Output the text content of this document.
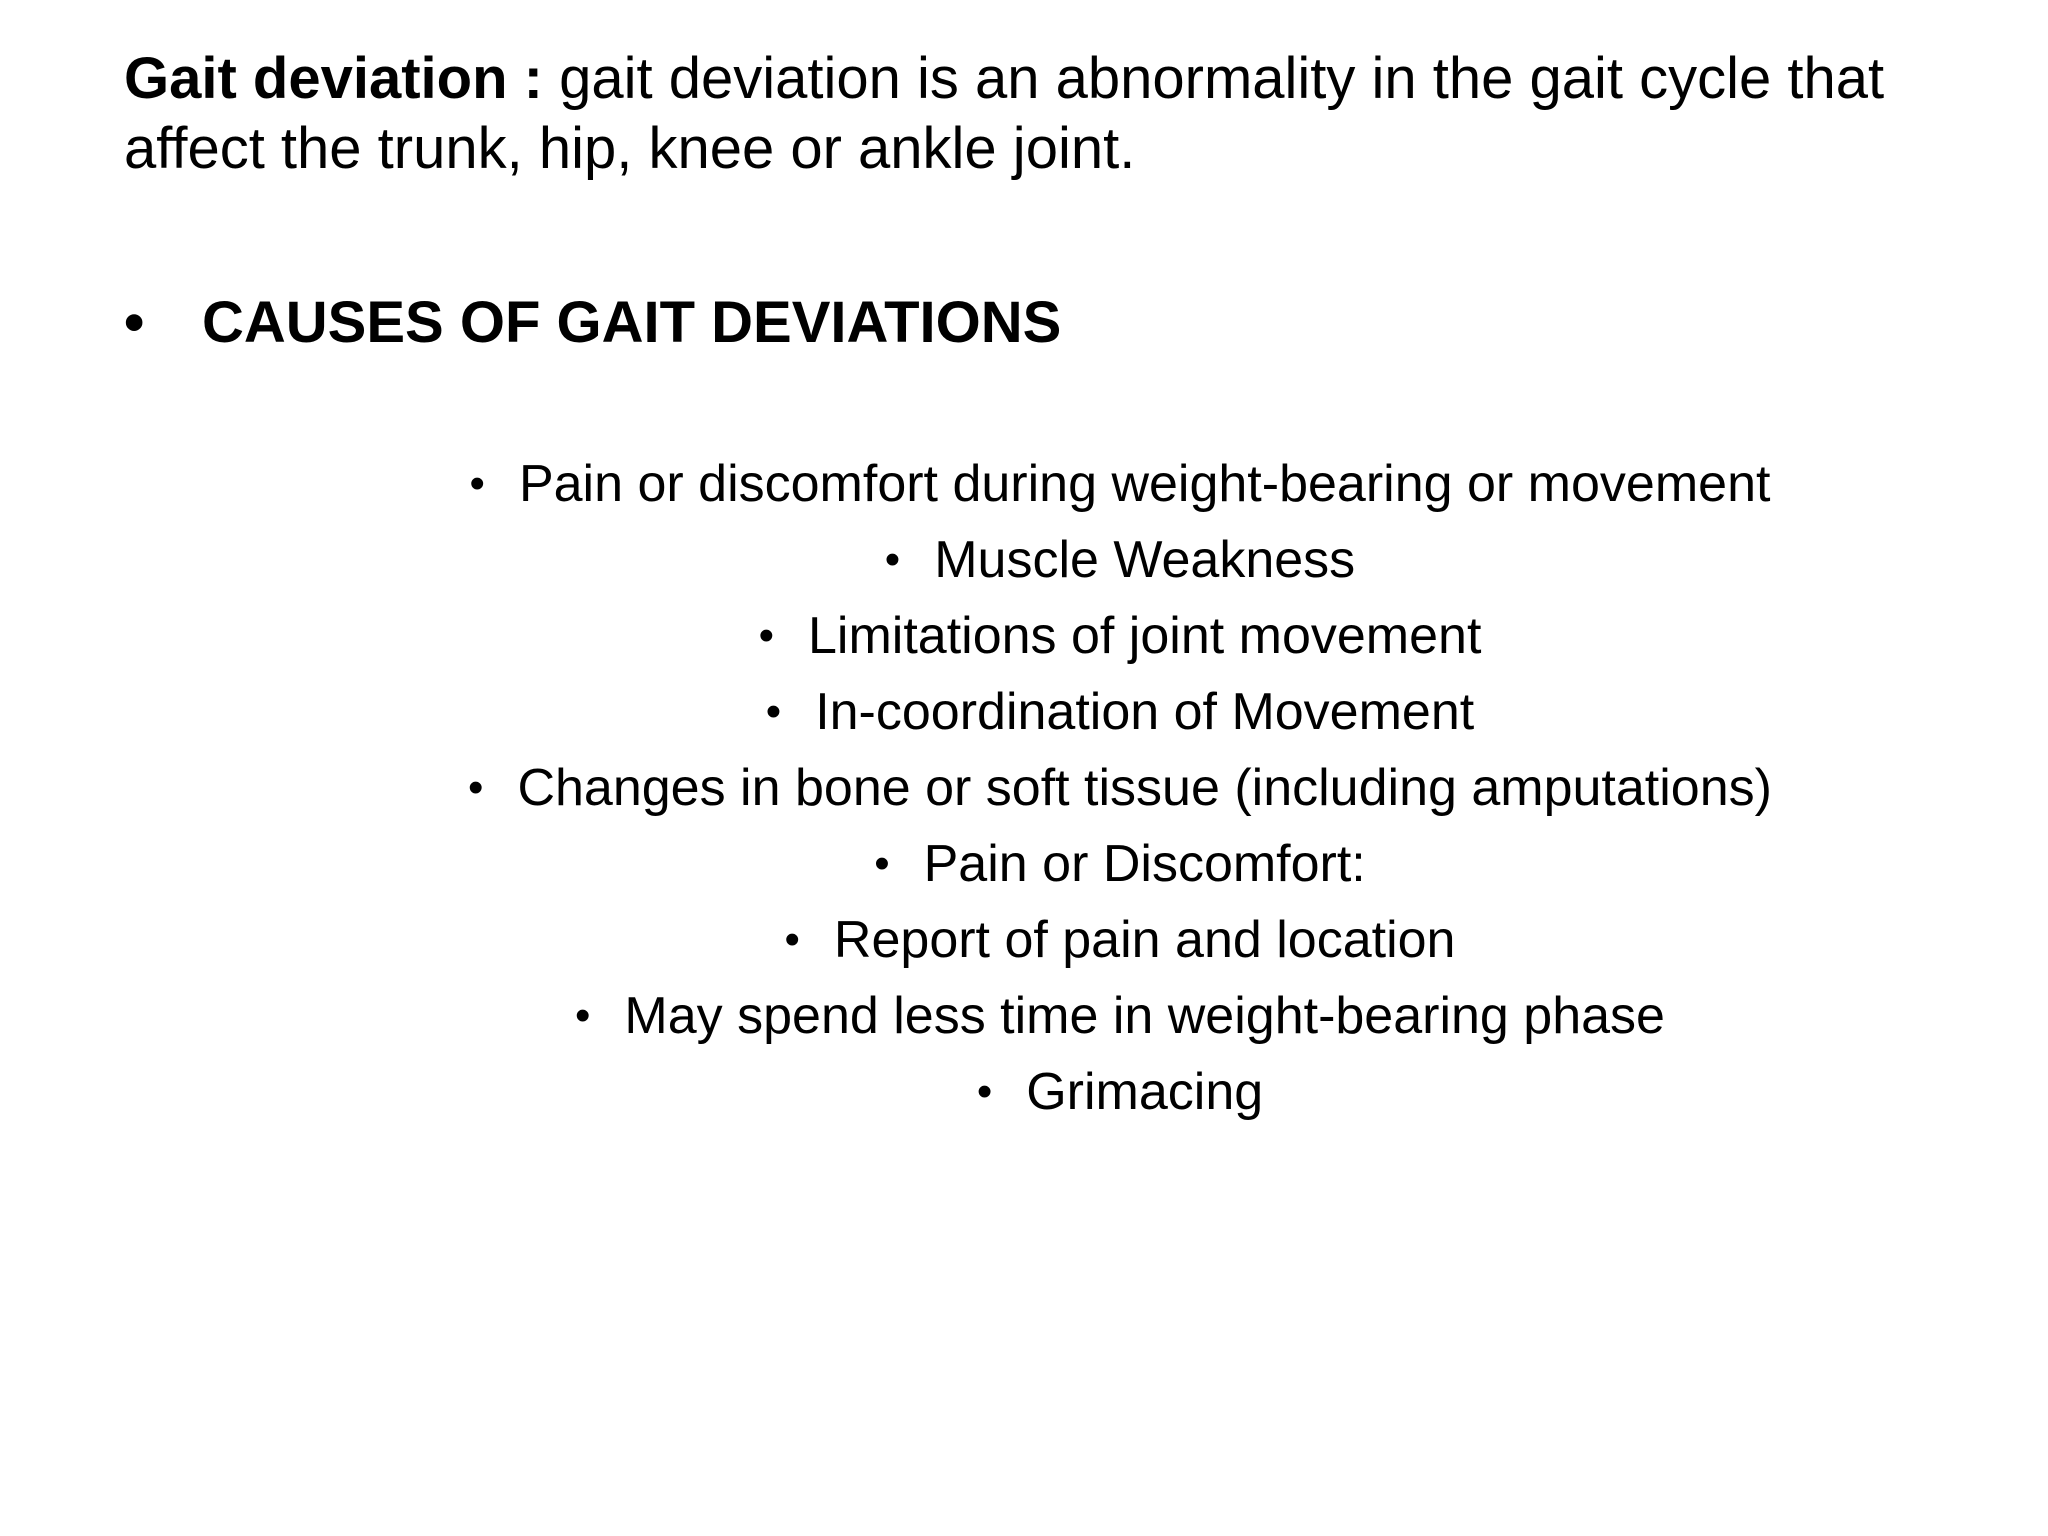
Gait deviation : gait deviation is an abnormality in the gait cycle that affect the trunk, hip, knee or ankle joint.
• CAUSES OF GAIT DEVIATIONS
• Pain or discomfort during weight-bearing or movement
• Muscle Weakness
• Limitations of joint movement
• In-coordination of Movement
• Changes in bone or soft tissue (including amputations)
• Pain or Discomfort:
• Report of pain and location
• May spend less time in weight-bearing phase
• Grimacing
